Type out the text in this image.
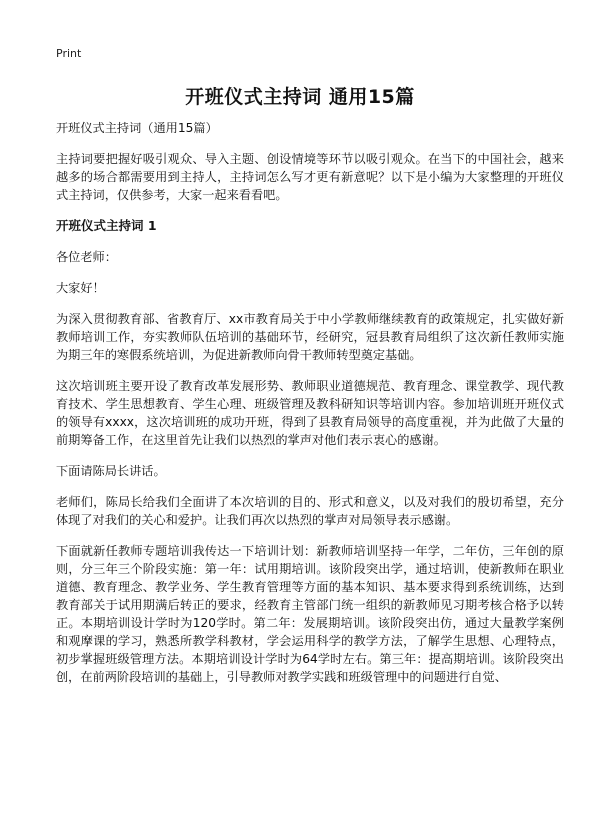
Print
开班仪式主持词 通用15篇

开班仪式主持词（通用15篇）

主持词要把握好吸引观众、导入主题、创设情境等环节以吸引观众。在当下的中国社会，越来越多的场合都需要用到主持人，主持词怎么写才更有新意呢？以下是小编为大家整理的开班仪式主持词，仅供参考，大家一起来看看吧。

开班仪式主持词 1

各位老师：

大家好！

为深入贯彻教育部、省教育厅、xx市教育局关于中小学教师继续教育的政策规定，扎实做好新教师培训工作，夯实教师队伍培训的基础环节，经研究，冠县教育局组织了这次新任教师实施为期三年的寒假系统培训，为促进新教师向骨干教师转型奠定基础。

这次培训班主要开设了教育改革发展形势、教师职业道德规范、教育理念、课堂教学、现代教育技术、学生思想教育、学生心理、班级管理及教科研知识等培训内容。参加培训班开班仪式的领导有xxxx，这次培训班的成功开班，得到了县教育局领导的高度重视，并为此做了大量的前期筹备工作，在这里首先让我们以热烈的掌声对他们表示衷心的感谢。

下面请陈局长讲话。

老师们，陈局长给我们全面讲了本次培训的目的、形式和意义，以及对我们的殷切希望，充分体现了对我们的关心和爱护。让我们再次以热烈的掌声对局领导表示感谢。

下面就新任教师专题培训我传达一下培训计划：新教师培训坚持一年学，二年仿，三年创的原则，分三年三个阶段实施：第一年：试用期培训。该阶段突出学，通过培训，使新教师在职业道德、教育理念、教学业务、学生教育管理等方面的基本知识、基本要求得到系统训练，达到教育部关于试用期满后转正的要求，经教育主管部门统一组织的新教师见习期考核合格予以转正。本期培训设计学时为120学时。第二年：发展期培训。该阶段突出仿，通过大量教学案例和观摩课的学习，熟悉所教学科教材，学会运用科学的教学方法，了解学生思想、心理特点，初步掌握班级管理方法。本期培训设计学时为64学时左右。第三年：提高期培训。该阶段突出创，在前两阶段培训的基础上，引导教师对教学实践和班级管理中的问题进行自觉、
